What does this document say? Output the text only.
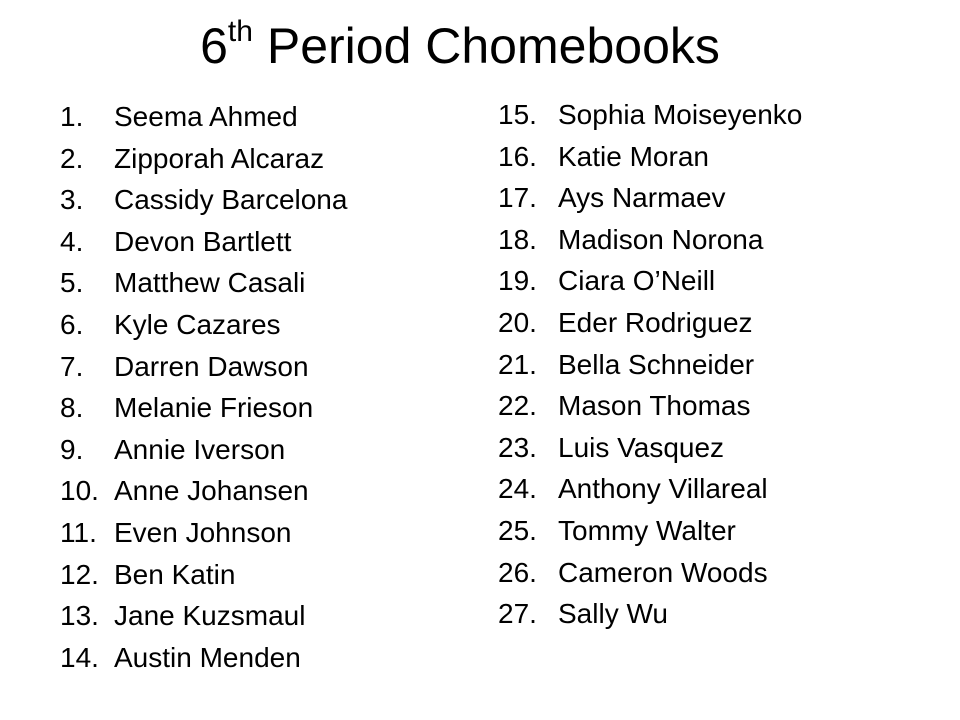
6th Period Chomebooks
1.	Seema Ahmed
2.	Zipporah Alcaraz
3.	Cassidy Barcelona
4.	Devon Bartlett
5.	Matthew Casali
6.	Kyle Cazares
7.	Darren Dawson
8.	Melanie Frieson
9.	Annie Iverson
10. Anne Johansen
11. Even Johnson
12. Ben Katin
13. Jane Kuzsmaul
14. Austin Menden
15. Sophia Moiseyenko
16. Katie Moran
17. Ays Narmaev
18. Madison Norona
19. Ciara O’Neill
20. Eder Rodriguez
21. Bella Schneider
22. Mason Thomas
23. Luis Vasquez
24. Anthony Villareal
25. Tommy Walter
26. Cameron Woods
27. Sally Wu
